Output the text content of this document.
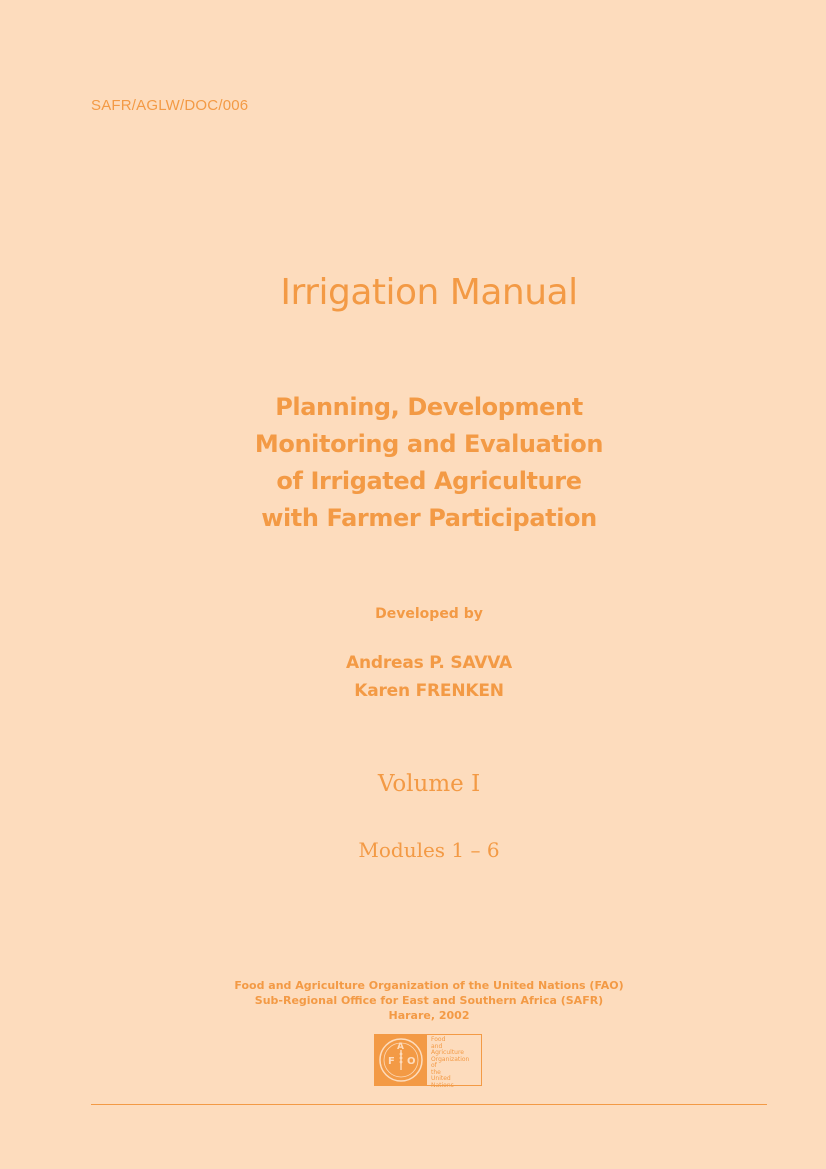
SAFR/AGLW/DOC/006
Irrigation Manual
Planning, Development
Monitoring and Evaluation
of Irrigated Agriculture
with Farmer Participation
Developed by
Andreas P. SAVVA
Karen FRENKEN
Volume I
Modules 1 – 6
Food and Agriculture Organization of the United Nations (FAO)
Sub-Regional Office for East and Southern Africa (SAFR)
Harare, 2002
F
A
O
Food
and
Agriculture
Organization
of
the
United
Nations
